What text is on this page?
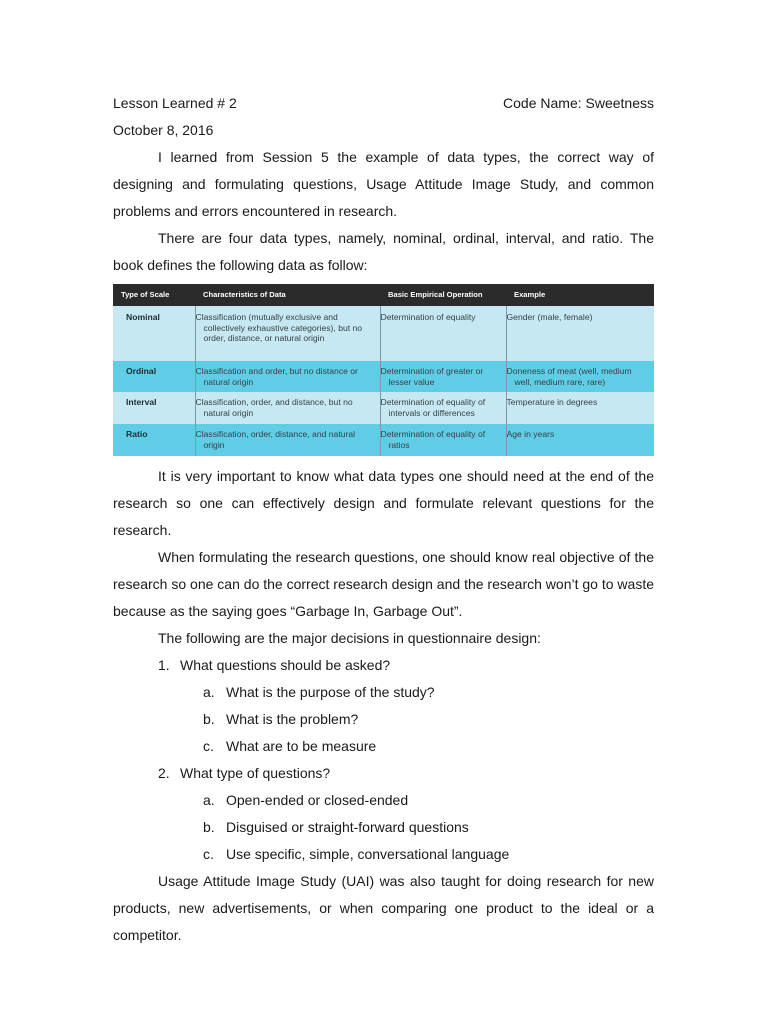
Lesson Learned # 2	Code Name: Sweetness
October 8, 2016

I learned from Session 5 the example of data types, the correct way of designing and formulating questions, Usage Attitude Image Study, and common problems and errors encountered in research.

There are four data types, namely, nominal, ordinal, interval, and ratio. The book defines the following data as follow:

Type of Scale	Characteristics of Data	Basic Empirical Operation	Example
Nominal	Classification (mutually exclusive and collectively exhaustive categories), but no order, distance, or natural origin	Determination of equality	Gender (male, female)
Ordinal	Classification and order, but no distance or natural origin	Determination of greater or lesser value	Doneness of meat (well, medium well, medium rare, rare)
Interval	Classification, order, and distance, but no natural origin	Determination of equality of intervals or differences	Temperature in degrees
Ratio	Classification, order, distance, and natural origin	Determination of equality of ratios	Age in years

It is very important to know what data types one should need at the end of the research so one can effectively design and formulate relevant questions for the research.

When formulating the research questions, one should know real objective of the research so one can do the correct research design and the research won’t go to waste because as the saying goes “Garbage In, Garbage Out”.

The following are the major decisions in questionnaire design:

1. What questions should be asked?
a. What is the purpose of the study?
b. What is the problem?
c. What are to be measure
2. What type of questions?
a. Open-ended or closed-ended
b. Disguised or straight-forward questions
c. Use specific, simple, conversational language

Usage Attitude Image Study (UAI) was also taught for doing research for new products, new advertisements, or when comparing one product to the ideal or a competitor.
